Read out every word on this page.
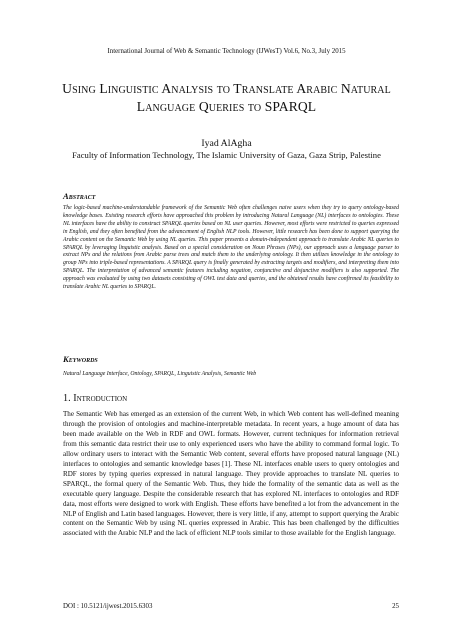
International Journal of Web & Semantic Technology (IJWesT) Vol.6, No.3, July 2015
Using Linguistic Analysis to Translate Arabic Natural Language Queries to SPARQL
Iyad AlAgha
Faculty of Information Technology, The Islamic University of Gaza, Gaza Strip, Palestine
Abstract

The logic-based machine-understandable framework of the Semantic Web often challenges naive users when they try to query ontology-based knowledge bases. Existing research efforts have approached this problem by introducing Natural Language (NL) interfaces to ontologies. These NL interfaces have the ability to construct SPARQL queries based on NL user queries. However, most efforts were restricted to queries expressed in English, and they often benefited from the advancement of English NLP tools. However, little research has been done to support querying the Arabic content on the Semantic Web by using NL queries. This paper presents a domain-independent approach to translate Arabic NL queries to SPARQL by leveraging linguistic analysis. Based on a special consideration on Noun Phrases (NPs), our approach uses a language parser to extract NPs and the relations from Arabic parse trees and match them to the underlying ontology. It then utilizes knowledge in the ontology to group NPs into triple-based representations. A SPARQL query is finally generated by extracting targets and modifiers, and interpreting them into SPARQL. The interpretation of advanced semantic features including negation, conjunctive and disjunctive modifiers is also supported. The approach was evaluated by using two datasets consisting of OWL test data and queries, and the obtained results have confirmed its feasibility to translate Arabic NL queries to SPARQL.

Keywords

Natural Language Interface, Ontology, SPARQL, Linguistic Analysis, Semantic Web

1. Introduction

The Semantic Web has emerged as an extension of the current Web, in which Web content has well-defined meaning through the provision of ontologies and machine-interpretable metadata. In recent years, a huge amount of data has been made available on the Web in RDF and OWL formats. However, current techniques for information retrieval from this semantic data restrict their use to only experienced users who have the ability to command formal logic. To allow ordinary users to interact with the Semantic Web content, several efforts have proposed natural language (NL) interfaces to ontologies and semantic knowledge bases [1]. These NL interfaces enable users to query ontologies and RDF stores by typing queries expressed in natural language. They provide approaches to translate NL queries to SPARQL, the formal query of the Semantic Web. Thus, they hide the formality of the semantic data as well as the executable query language. Despite the considerable research that has explored NL interfaces to ontologies and RDF data, most efforts were designed to work with English. These efforts have benefited a lot from the advancement in the NLP of English and Latin based languages. However, there is very little, if any, attempt to support querying the Arabic content on the Semantic Web by using NL queries expressed in Arabic. This has been challenged by the difficulties associated with the Arabic NLP and the lack of efficient NLP tools similar to those available for the English language.

DOI : 10.5121/ijwest.2015.6303	25
